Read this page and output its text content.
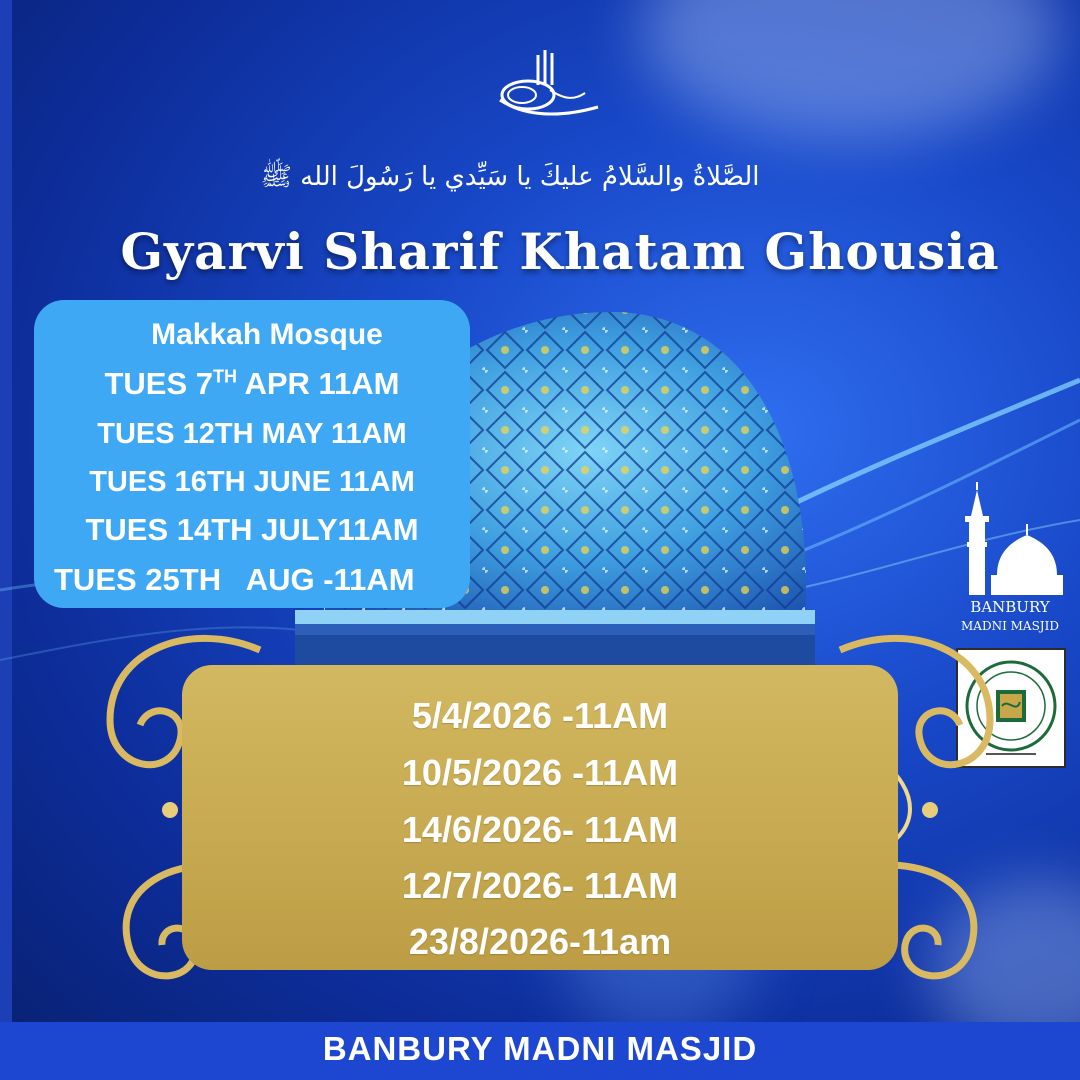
الصَّلاةُ والسَّلامُ عليكَ يا سَيِّدي يا رَسُولَ الله ﷺ
Gyarvi Sharif Khatam Ghousia
Makkah Mosque
TUES 7TH APR 11AM
TUES 12TH MAY 11AM
TUES 16TH JUNE 11AM
TUES 14TH JULY11AM
TUES 25TH   AUG -11AM
BANBURY
MADNI MASJID
5/4/2026 -11AM
10/5/2026 -11AM
14/6/2026- 11AM
12/7/2026- 11AM
23/8/2026-11am
BANBURY MADNI MASJID
